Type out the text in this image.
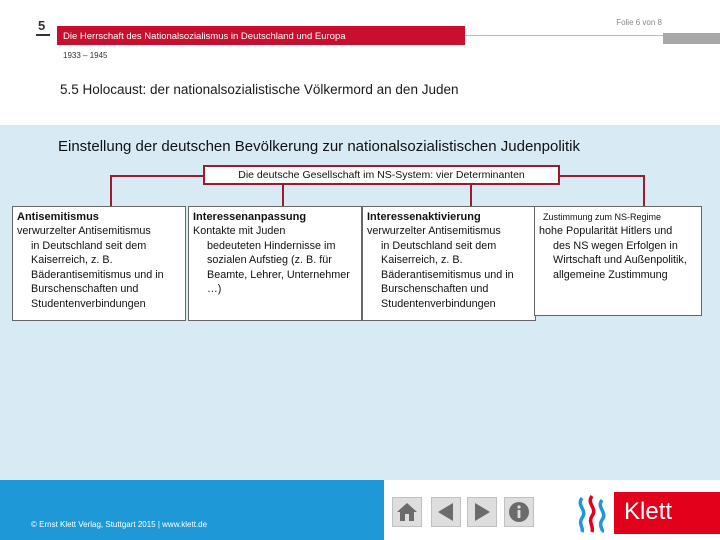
5	Folie 6 von 8
Die Herrschaft des Nationalsozialismus in Deutschland und Europa
1933 – 1945
5.5 Holocaust: der nationalsozialistische Völkermord an den Juden
Einstellung der deutschen Bevölkerung zur nationalsozialistischen Judenpolitik
Die deutsche Gesellschaft im NS-System: vier Determinanten
Antisemitismus
verwurzelter Antisemitismus
in Deutschland seit dem Kaiserreich, z. B. Bäderantisemitismus und in Burschenschaften und Studentenverbindungen
Interessenanpassung
Kontakte mit Juden
bedeuteten Hindernisse im sozialen Aufstieg (z. B. für Beamte, Lehrer, Unternehmer …)
Interessenaktivierung
verwurzelter Antisemitismus
in Deutschland seit dem Kaiserreich, z. B. Bäderantisemitismus und in Burschenschaften und Studentenverbindungen
Zustimmung zum NS-Regime
hohe Popularität Hitlers und
des NS wegen Erfolgen in Wirtschaft und Außenpolitik, allgemeine Zustimmung
© Ernst Klett Verlag, Stuttgart 2015 | www.klett.de	Klett
